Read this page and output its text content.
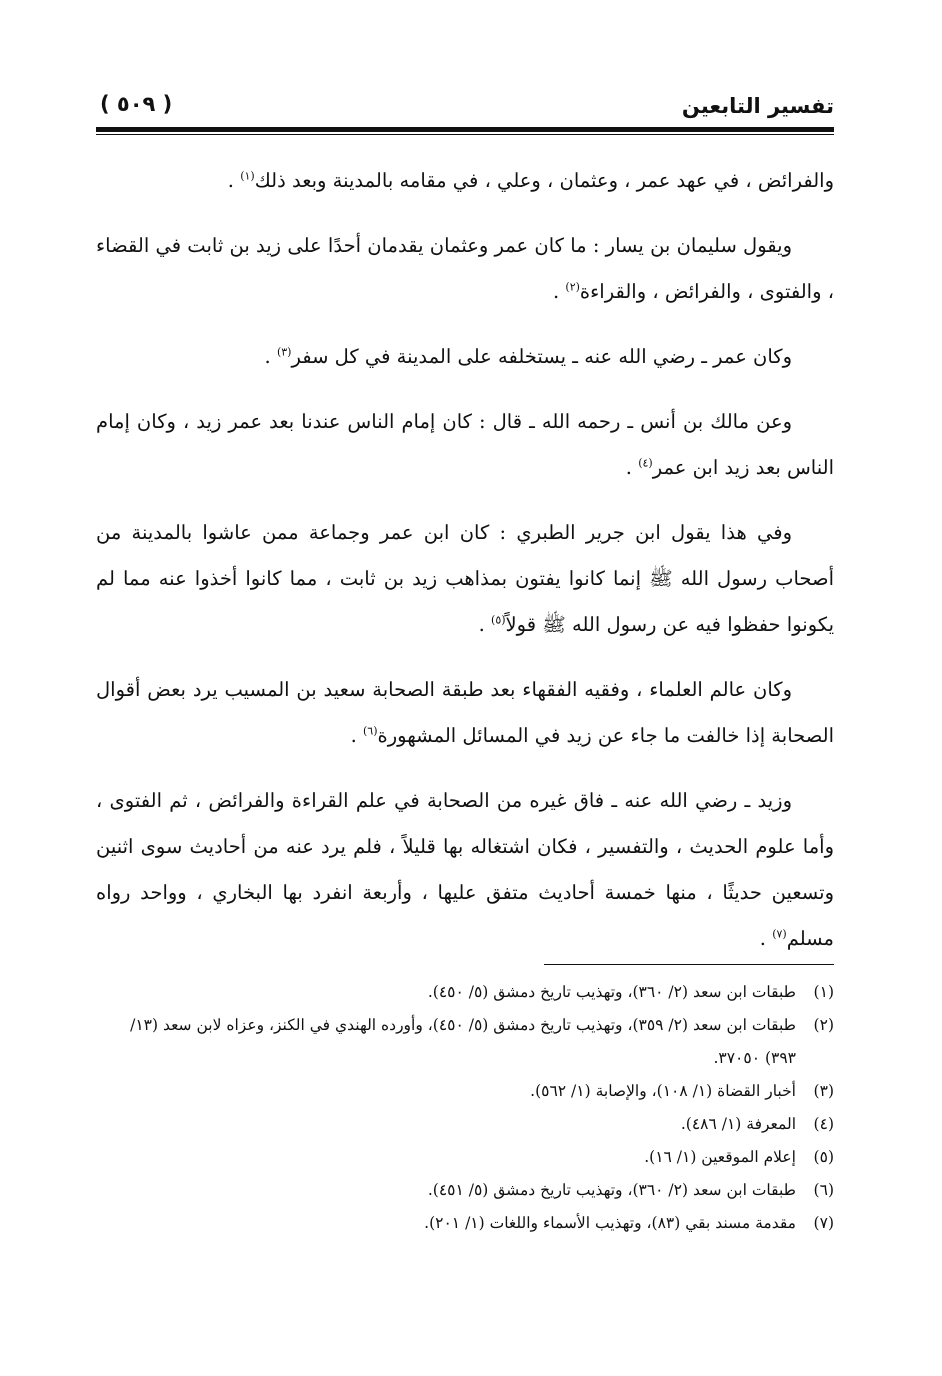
تفسير التابعين
( ٥٠٩ )

والفرائض ، في عهد عمر ، وعثمان ، وعلي ، في مقامه بالمدينة وبعد ذلك$^{(١)}$ .

ويقول سليمان بن يسار : ما كان عمر وعثمان يقدمان أحدًا على زيد بن ثابت في القضاء ، والفتوى ، والفرائض ، والقراءة$^{(٢)}$ .

وكان عمر ـ رضي الله عنه ـ يستخلفه على المدينة في كل سفر$^{(٣)}$ .

وعن مالك بن أنس ـ رحمه الله ـ قال : كان إمام الناس عندنا بعد عمر زيد ، وكان إمام الناس بعد زيد ابن عمر$^{(٤)}$ .

وفي هذا يقول ابن جرير الطبري : كان ابن عمر وجماعة ممن عاشوا بالمدينة من أصحاب رسول الله ﷺ إنما كانوا يفتون بمذاهب زيد بن ثابت ، مما كانوا أخذوا عنه مما لم يكونوا حفظوا فيه عن رسول الله ﷺ قولاً$^{(٥)}$ .

وكان عالم العلماء ، وفقيه الفقهاء بعد طبقة الصحابة سعيد بن المسيب يرد بعض أقوال الصحابة إذا خالفت ما جاء عن زيد في المسائل المشهورة$^{(٦)}$ .

وزيد ـ رضي الله عنه ـ فاق غيره من الصحابة في علم القراءة والفرائض ، ثم الفتوى ، وأما علوم الحديث ، والتفسير ، فكان اشتغاله بها قليلاً ، فلم يرد عنه من أحاديث سوى اثنين وتسعين حديثًا ، منها خمسة أحاديث متفق عليها ، وأربعة انفرد بها البخاري ، وواحد رواه مسلم$^{(٧)}$ .

(١)
طبقات ابن سعد (٢/ ٣٦٠)، وتهذيب تاريخ دمشق (٥/ ٤٥٠).
(٢)
طبقات ابن سعد (٢/ ٣٥٩)، وتهذيب تاريخ دمشق (٥/ ٤٥٠)، وأورده الهندي في الكنز، وعزاه لابن سعد (١٣/ ٣٩٣) ٣٧٠٥٠.
(٣)
أخبار القضاة (١/ ١٠٨)، والإصابة (١/ ٥٦٢).
(٤)
المعرفة (١/ ٤٨٦).
(٥)
إعلام الموقعين (١/ ١٦).
(٦)
طبقات ابن سعد (٢/ ٣٦٠)، وتهذيب تاريخ دمشق (٥/ ٤٥١).
(٧)
مقدمة مسند بقي (٨٣)، وتهذيب الأسماء واللغات (١/ ٢٠١).
